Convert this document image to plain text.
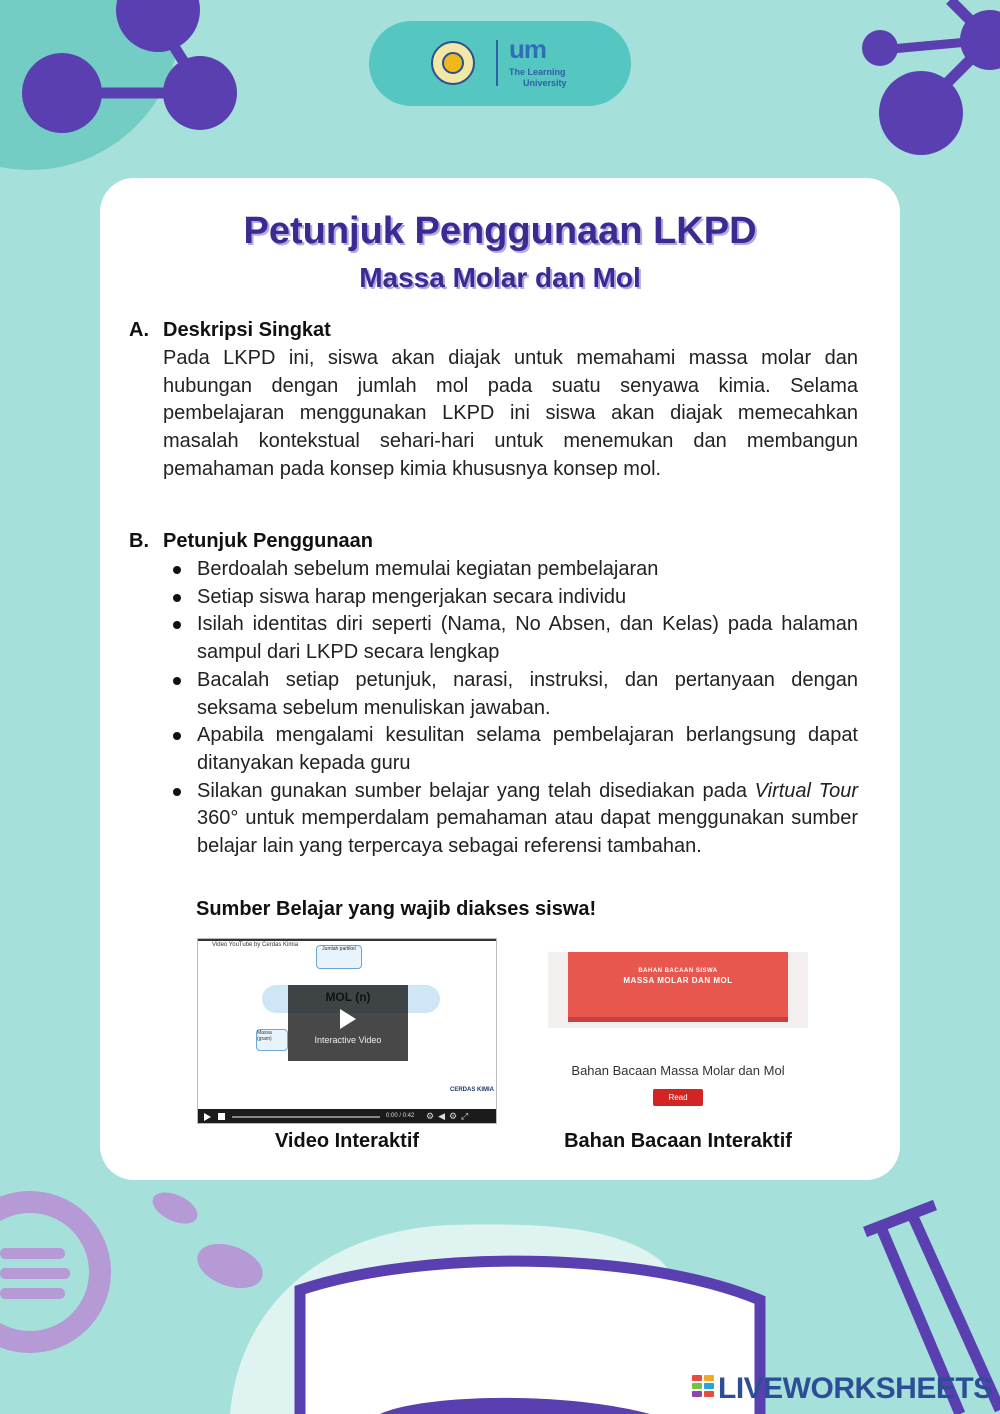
um
The Learning
University
Petunjuk Penggunaan LKPD
Massa Molar dan Mol
A. Deskripsi Singkat

Pada LKPD ini, siswa akan diajak untuk memahami massa molar dan hubungan dengan jumlah mol pada suatu senyawa kimia. Selama pembelajaran menggunakan LKPD ini siswa akan diajak memecahkan masalah kontekstual sehari-hari untuk menemukan dan membangun pemahaman pada konsep kimia khususnya konsep mol.

B. Petunjuk Penggunaan
Berdoalah sebelum memulai kegiatan pembelajaran
Setiap siswa harap mengerjakan secara individu
Isilah identitas diri seperti (Nama, No Absen, dan Kelas) pada halaman sampul dari LKPD secara lengkap
Bacalah setiap petunjuk, narasi, instruksi, dan pertanyaan dengan seksama sebelum menuliskan jawaban.
Apabila mengalami kesulitan selama pembelajaran berlangsung dapat ditanyakan kepada guru
Silakan gunakan sumber belajar yang telah disediakan pada Virtual Tour 360° untuk memperdalam pemahaman atau dapat menggunakan sumber belajar lain yang terpercaya sebagai referensi tambahan.
Sumber Belajar yang wajib diakses siswa!
Video YouTube by Cerdas Kimia
Jumlah partikel
Massa (gram)
MOL (n)
Interactive Video
CERDAS KIMIA
0:00 / 0:42 ⚙◀︎⚙⤢
BAHAN BACAAN SISWA
MASSA MOLAR DAN MOL
Bahan Bacaan Massa Molar dan Mol
Read
Video Interaktif	Bahan Bacaan Interaktif
LIVEWORKSHEETS
